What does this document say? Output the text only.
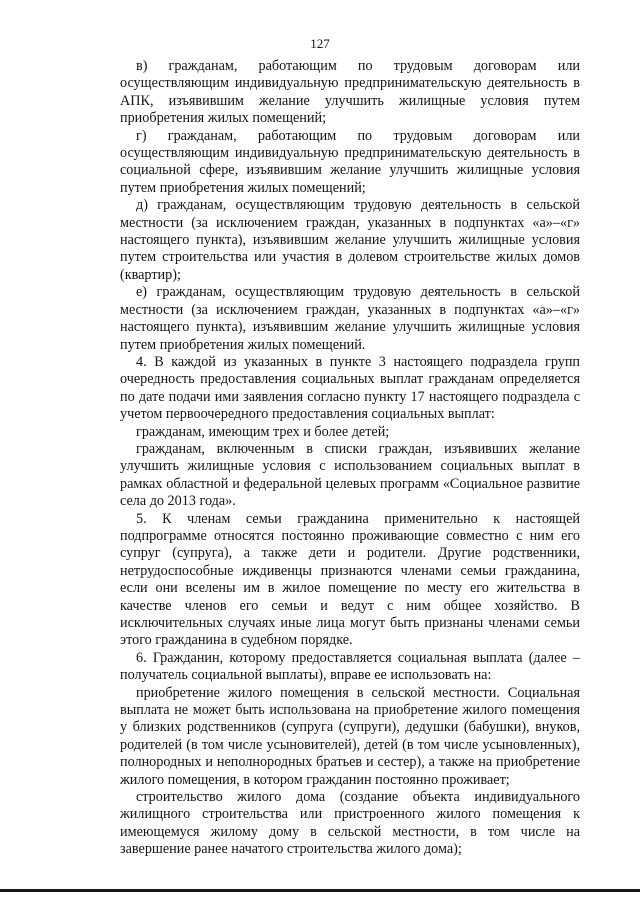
127

в) гражданам, работающим по трудовым договорам или осуществляющим индивидуальную предпринимательскую деятельность в АПК, изъявившим желание улучшить жилищные условия путем приобретения жилых помещений;

г) гражданам, работающим по трудовым договорам или осуществляющим индивидуальную предпринимательскую деятельность в социальной сфере, изъявившим желание улучшить жилищные условия путем приобретения жилых помещений;

д) гражданам, осуществляющим трудовую деятельность в сельской местности (за исключением граждан, указанных в подпунктах «а»–«г» настоящего пункта), изъявившим желание улучшить жилищные условия путем строительства или участия в долевом строительстве жилых домов (квартир);

е) гражданам, осуществляющим трудовую деятельность в сельской местности (за исключением граждан, указанных в подпунктах «а»–«г» настоящего пункта), изъявившим желание улучшить жилищные условия путем приобретения жилых помещений.

4. В каждой из указанных в пункте 3 настоящего подраздела групп очередность предоставления социальных выплат гражданам определяется по дате подачи ими заявления согласно пункту 17 настоящего подраздела с учетом первоочередного предоставления социальных выплат:

гражданам, имеющим трех и более детей;

гражданам, включенным в списки граждан, изъявивших желание улучшить жилищные условия с использованием социальных выплат в рамках областной и федеральной целевых программ «Социальное развитие села до 2013 года».

5. К членам семьи гражданина применительно к настоящей подпрограмме относятся постоянно проживающие совместно с ним его супруг (супруга), а также дети и родители. Другие родственники, нетрудоспособные иждивенцы признаются членами семьи гражданина, если они вселены им в жилое помещение по месту его жительства в качестве членов его семьи и ведут с ним общее хозяйство. В исключительных случаях иные лица могут быть признаны членами семьи этого гражданина в судебном порядке.

6. Гражданин, которому предоставляется социальная выплата (далее – получатель социальной выплаты), вправе ее использовать на:

приобретение жилого помещения в сельской местности. Социальная выплата не может быть использована на приобретение жилого помещения у близких родственников (супруга (супруги), дедушки (бабушки), внуков, родителей (в том числе усыновителей), детей (в том числе усыновленных), полнородных и неполнородных братьев и сестер), а также на приобретение жилого помещения, в котором гражданин постоянно проживает;

строительство жилого дома (создание объекта индивидуального жилищного строительства или пристроенного жилого помещения к имеющемуся жилому дому в сельской местности, в том числе на завершение ранее начатого строительства жилого дома);
